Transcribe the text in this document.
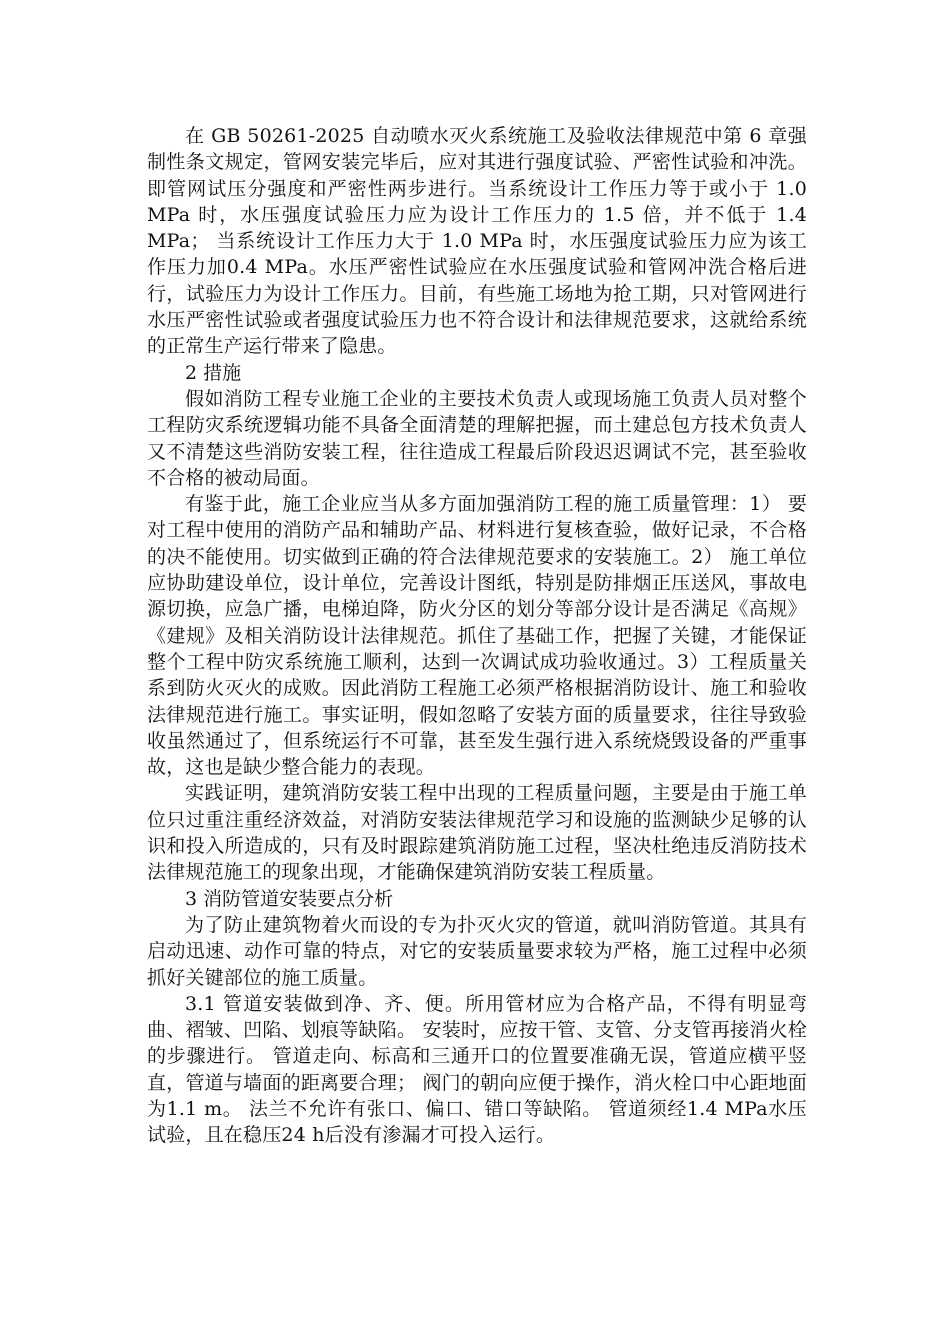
在 GB 50261-2025 自动喷水灭火系统施工及验收法律规范中第 6 章强制性条文规定，管网安装完毕后，应对其进行强度试验、严密性试验和冲洗。即管网试压分强度和严密性两步进行。当系统设计工作压力等于或小于 1.0 MPa 时，水压强度试验压力应为设计工作压力的 1.5 倍，并不低于 1.4 MPa； 当系统设计工作压力大于 1.0 MPa 时，水压强度试验压力应为该工作压力加0.4 MPa。水压严密性试验应在水压强度试验和管网冲洗合格后进行，试验压力为设计工作压力。目前，有些施工场地为抢工期，只对管网进行水压严密性试验或者强度试验压力也不符合设计和法律规范要求，这就给系统的正常生产运行带来了隐患。

2 措施

假如消防工程专业施工企业的主要技术负责人或现场施工负责人员对整个工程防灾系统逻辑功能不具备全面清楚的理解把握，而土建总包方技术负责人又不清楚这些消防安装工程，往往造成工程最后阶段迟迟调试不完，甚至验收不合格的被动局面。

有鉴于此，施工企业应当从多方面加强消防工程的施工质量管理：1） 要对工程中使用的消防产品和辅助产品、材料进行复核查验，做好记录，不合格的决不能使用。切实做到正确的符合法律规范要求的安装施工。2） 施工单位应协助建设单位，设计单位，完善设计图纸，特别是防排烟正压送风，事故电源切换，应急广播，电梯迫降，防火分区的划分等部分设计是否满足《高规》《建规》及相关消防设计法律规范。抓住了基础工作，把握了关键，才能保证整个工程中防灾系统施工顺利，达到一次调试成功验收通过。3）工程质量关系到防火灭火的成败。因此消防工程施工必须严格根据消防设计、施工和验收法律规范进行施工。事实证明，假如忽略了安装方面的质量要求，往往导致验收虽然通过了，但系统运行不可靠，甚至发生强行进入系统烧毁设备的严重事故，这也是缺少整合能力的表现。

实践证明，建筑消防安装工程中出现的工程质量问题，主要是由于施工单位只过重注重经济效益，对消防安装法律规范学习和设施的监测缺少足够的认识和投入所造成的，只有及时跟踪建筑消防施工过程，坚决杜绝违反消防技术法律规范施工的现象出现，才能确保建筑消防安装工程质量。

3 消防管道安装要点分析

为了防止建筑物着火而设的专为扑灭火灾的管道，就叫消防管道。其具有启动迅速、动作可靠的特点，对它的安装质量要求较为严格，施工过程中必须抓好关键部位的施工质量。

3.1 管道安装做到净、齐、便。所用管材应为合格产品，不得有明显弯曲、褶皱、凹陷、划痕等缺陷。 安装时，应按干管、支管、分支管再接消火栓的步骤进行。 管道走向、标高和三通开口的位置要准确无误，管道应横平竖直，管道与墙面的距离要合理； 阀门的朝向应便于操作，消火栓口中心距地面为1.1 m。 法兰不允许有张口、偏口、错口等缺陷。 管道须经1.4 MPa水压试验，且在稳压24 h后没有渗漏才可投入运行。
